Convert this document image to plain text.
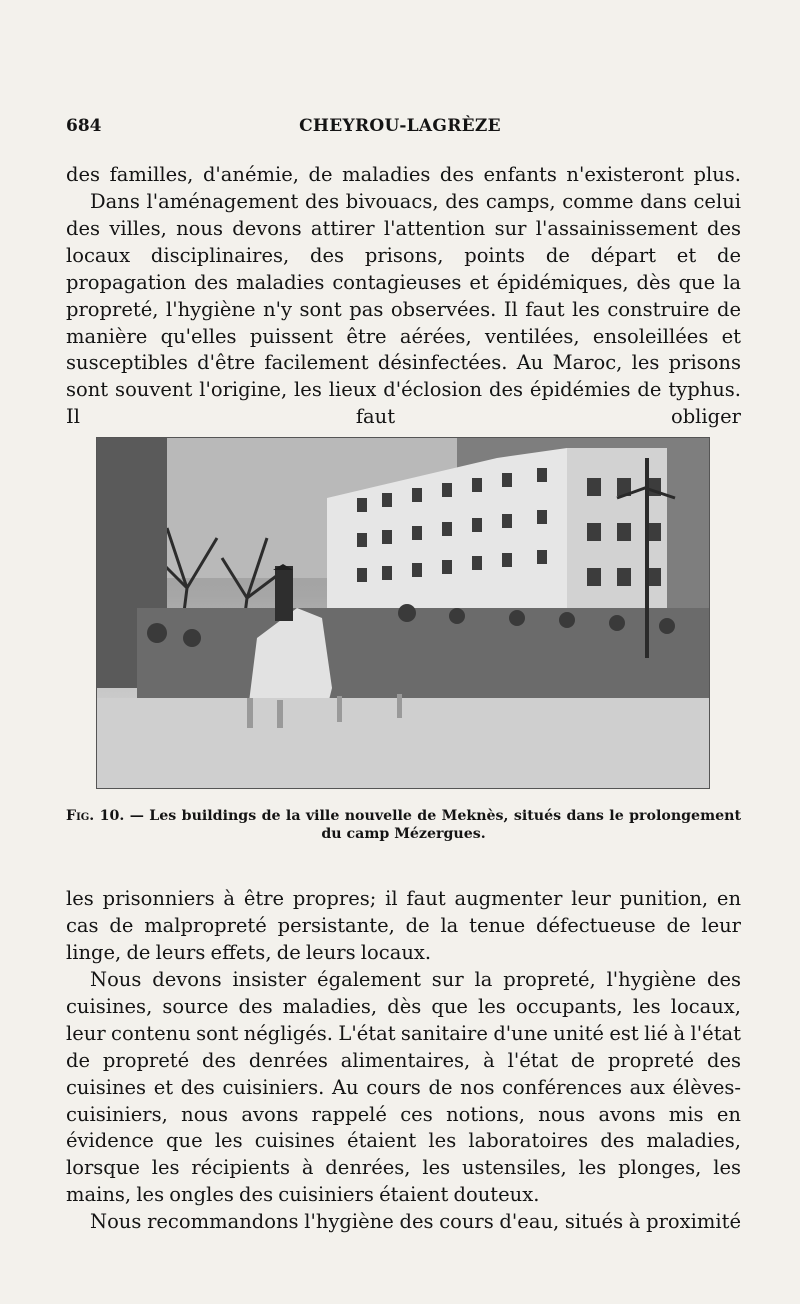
684	CHEYROU-LAGRÈZE

des familles, d'anémie, de maladies des enfants n'existeront plus.

Dans l'aménagement des bivouacs, des camps, comme dans celui des villes, nous devons attirer l'attention sur l'assainissement des locaux disciplinaires, des prisons, points de départ et de propagation des maladies contagieuses et épidémiques, dès que la propreté, l'hygiène n'y sont pas observées. Il faut les construire de manière qu'elles puissent être aérées, ventilées, ensoleillées et susceptibles d'être facilement désinfectées. Au Maroc, les prisons sont souvent l'origine, les lieux d'éclosion des épidémies de typhus. Il faut obliger

Fig. 10. — Les buildings de la ville nouvelle de Meknès, situés dans le prolongement
du camp Mézergues.

les prisonniers à être propres; il faut augmenter leur punition, en cas de malpropreté persistante, de la tenue défectueuse de leur linge, de leurs effets, de leurs locaux.

Nous devons insister également sur la propreté, l'hygiène des cuisines, source des maladies, dès que les occupants, les locaux, leur contenu sont négligés. L'état sanitaire d'une unité est lié à l'état de propreté des denrées alimentaires, à l'état de propreté des cuisines et des cuisiniers. Au cours de nos conférences aux élèves-cuisiniers, nous avons rappelé ces notions, nous avons mis en évidence que les cuisines étaient les laboratoires des maladies, lorsque les récipients à denrées, les ustensiles, les plonges, les mains, les ongles des cuisiniers étaient douteux.

Nous recommandons l'hygiène des cours d'eau, situés à proximité
